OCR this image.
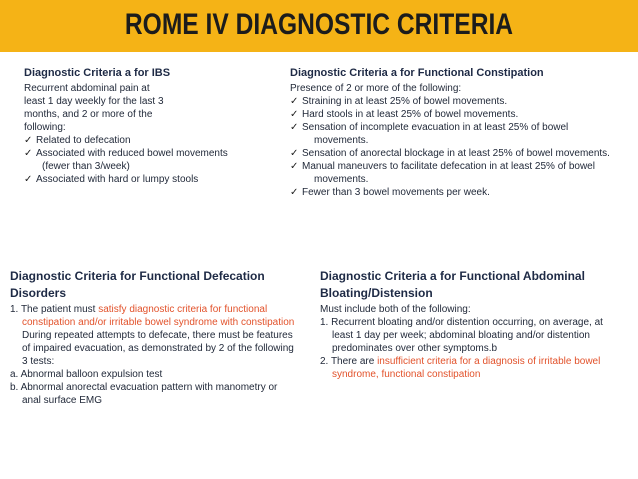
ROME IV DIAGNOSTIC CRITERIA
Diagnostic Criteria a for IBS
Recurrent abdominal pain at
least 1 day weekly for the last 3
months, and 2 or more of the
following:
✓ Related to defecation
✓ Associated with reduced bowel movements
(fewer than 3/week)
✓ Associated with hard or lumpy stools
Diagnostic Criteria a for Functional Constipation
Presence of 2 or more of the following:
✓ Straining in at least 25% of bowel movements.
✓ Hard stools in at least 25% of bowel movements.
✓ Sensation of incomplete evacuation in at least 25% of bowel
movements.
✓ Sensation of anorectal blockage in at least 25% of bowel movements.
✓ Manual maneuvers to facilitate defecation in at least 25% of bowel
movements.
✓ Fewer than 3 bowel movements per week.
Diagnostic Criteria for Functional Defecation
Disorders
1. The patient must satisfy diagnostic criteria for functional
constipation and/or irritable bowel syndrome with constipation
During repeated attempts to defecate, there must be features
of impaired evacuation, as demonstrated by 2 of the following
3 tests:
a. Abnormal balloon expulsion test
b. Abnormal anorectal evacuation pattern with manometry or
anal surface EMG
Diagnostic Criteria a for Functional Abdominal
Bloating/Distension
Must include both of the following:
1. Recurrent bloating and/or distention occurring, on average, at
least 1 day per week; abdominal bloating and/or distention
predominates over other symptoms.b
2. There are insufficient criteria for a diagnosis of irritable bowel
syndrome, functional constipation
